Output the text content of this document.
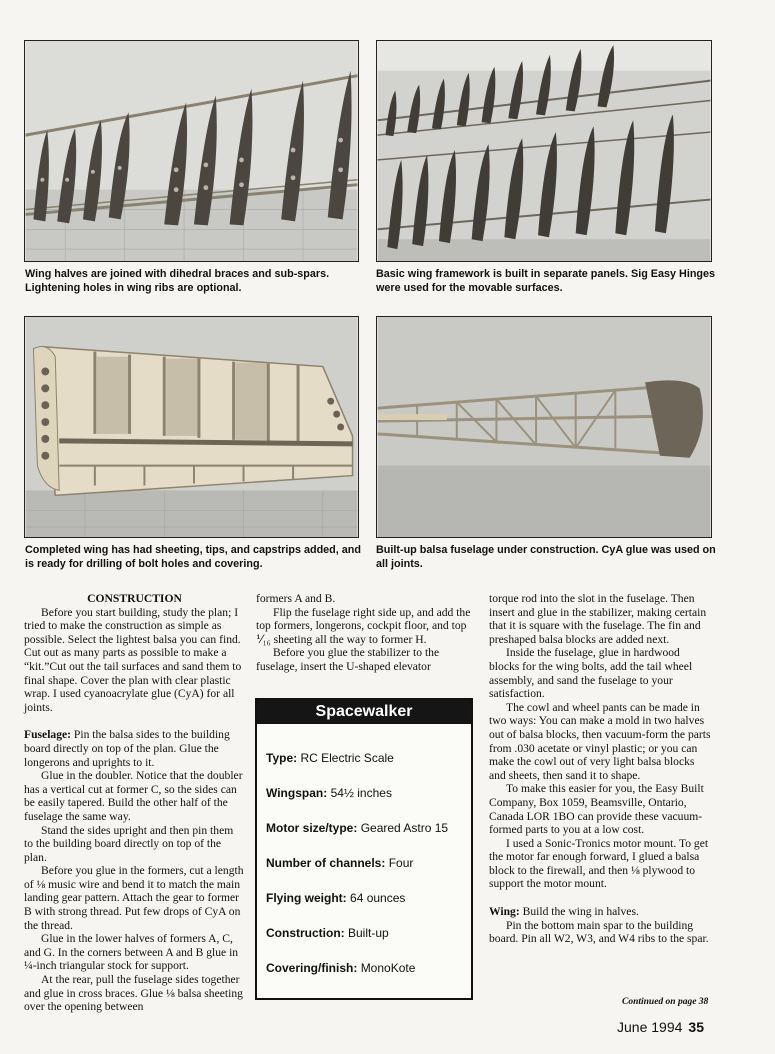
Wing halves are joined with dihedral braces and sub-spars. Lightening holes in wing ribs are optional.
Basic wing framework is built in separate panels. Sig Easy Hinges were used for the movable surfaces.
Completed wing has had sheeting, tips, and capstrips added, and is ready for drilling of bolt holes and covering.
Built-up balsa fuselage under construction. CyA glue was used on all joints.
CONSTRUCTION

Before you start building, study the plan; I tried to make the construction as simple as possible. Select the lightest balsa you can find. Cut out as many parts as possible to make a “kit.”Cut out the tail surfaces and sand them to final shape. Cover the plan with clear plastic wrap. I used cyanoacrylate glue (CyA) for all joints.

Fuselage: Pin the balsa sides to the building board directly on top of the plan. Glue the longerons and uprights to it.

Glue in the doubler. Notice that the doubler has a vertical cut at former C, so the sides can be easily tapered. Build the other half of the fuselage the same way.

Stand the sides upright and then pin them to the building board directly on top of the plan.

Before you glue in the formers, cut a length of ⅛ music wire and bend it to match the main landing gear pattern. Attach the gear to former B with strong thread. Put few drops of CyA on the thread.

Glue in the lower halves of formers A, C, and G. In the corners between A and B glue in ¼-inch triangular stock for support.

At the rear, pull the fuselage sides together and glue in cross braces. Glue ⅛ balsa sheeting over the opening between

formers A and B.

Flip the fuselage right side up, and add the top formers, longerons, cockpit floor, and top ⅟₁₆ sheeting all the way to former H.

Before you glue the stabilizer to the fuselage, insert the U-shaped elevator

Spacewalker
Type: RC Electric Scale
Wingspan: 54½ inches
Motor size/type: Geared Astro 15
Number of channels: Four
Flying weight: 64 ounces
Construction: Built-up
Covering/finish: MonoKote

torque rod into the slot in the fuselage. Then insert and glue in the stabilizer, making certain that it is square with the fuselage. The fin and preshaped balsa blocks are added next.

Inside the fuselage, glue in hardwood blocks for the wing bolts, add the tail wheel assembly, and sand the fuselage to your satisfaction.

The cowl and wheel pants can be made in two ways: You can make a mold in two halves out of balsa blocks, then vacuum-form the parts from .030 acetate or vinyl plastic; or you can make the cowl out of very light balsa blocks and sheets, then sand it to shape.

To make this easier for you, the Easy Built Company, Box 1059, Beamsville, Ontario, Canada LOR 1BO can provide these vacuum-formed parts to you at a low cost.

I used a Sonic-Tronics motor mount. To get the motor far enough forward, I glued a balsa block to the firewall, and then ⅛ plywood to support the motor mount.

Wing: Build the wing in halves.

Pin the bottom main spar to the building board. Pin all W2, W3, and W4 ribs to the spar.

Continued on page 38
June 1994 35
